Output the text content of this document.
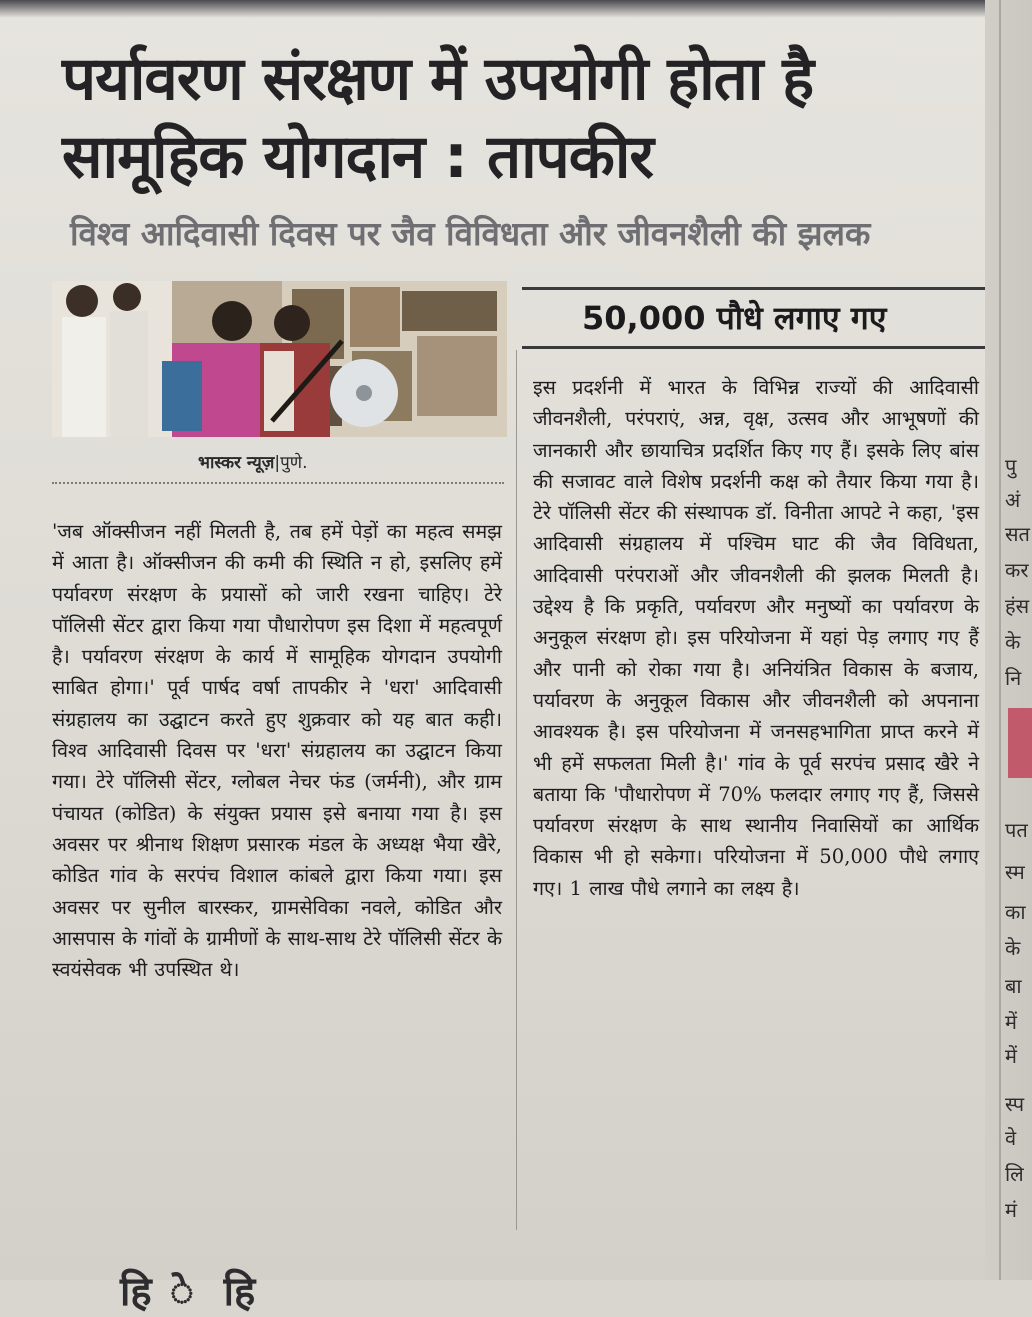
पर्यावरण संरक्षण में उपयोगी होता है सामूहिक योगदान : तापकीर

विश्व आदिवासी दिवस पर जैव विविधता और जीवनशैली की झलक

भास्कर न्यूज़|पुणे.

'जब ऑक्सीजन नहीं मिलती है, तब हमें पेड़ों का महत्व समझ में आता है। ऑक्सीजन की कमी की स्थिति न हो, इसलिए हमें पर्यावरण संरक्षण के प्रयासों को जारी रखना चाहिए। टेरे पॉलिसी सेंटर द्वारा किया गया पौधारोपण इस दिशा में महत्वपूर्ण है। पर्यावरण संरक्षण के कार्य में सामूहिक योगदान उपयोगी साबित होगा।' पूर्व पार्षद वर्षा तापकीर ने 'धरा' आदिवासी संग्रहालय का उद्घाटन करते हुए शुक्रवार को यह बात कही। विश्व आदिवासी दिवस पर 'धरा' संग्रहालय का उद्घाटन किया गया। टेरे पॉलिसी सेंटर, ग्लोबल नेचर फंड (जर्मनी), और ग्राम पंचायत (कोडित) के संयुक्त प्रयास इसे बनाया गया है। इस अवसर पर श्रीनाथ शिक्षण प्रसारक मंडल के अध्यक्ष भैया खैरे, कोडित गांव के सरपंच विशाल कांबले द्वारा किया गया। इस अवसर पर सुनील बारस्कर, ग्रामसेविका नवले, कोडित और आसपास के गांवों के ग्रामीणों के साथ-साथ टेरे पॉलिसी सेंटर के स्वयंसेवक भी उपस्थित थे।

50,000 पौधे लगाए गए

इस प्रदर्शनी में भारत के विभिन्न राज्यों की आदिवासी जीवनशैली, परंपराएं, अन्न, वृक्ष, उत्सव और आभूषणों की जानकारी और छायाचित्र प्रदर्शित किए गए हैं। इसके लिए बांस की सजावट वाले विशेष प्रदर्शनी कक्ष को तैयार किया गया है। टेरे पॉलिसी सेंटर की संस्थापक डॉ. विनीता आपटे ने कहा, 'इस आदिवासी संग्रहालय में पश्चिम घाट की जैव विविधता, आदिवासी परंपराओं और जीवनशैली की झलक मिलती है। उद्देश्य है कि प्रकृति, पर्यावरण और मनुष्यों का पर्यावरण के अनुकूल संरक्षण हो। इस परियोजना में यहां पेड़ लगाए गए हैं और पानी को रोका गया है। अनियंत्रित विकास के बजाय, पर्यावरण के अनुकूल विकास और जीवनशैली को अपनाना आवश्यक है। इस परियोजना में जनसहभागिता प्राप्त करने में भी हमें सफलता मिली है।' गांव के पूर्व सरपंच प्रसाद खैरे ने बताया कि 'पौधारोपण में 70% फलदार लगाए गए हैं, जिससे पर्यावरण संरक्षण के साथ स्थानीय निवासियों का आर्थिक विकास भी हो सकेगा। परियोजना में 50,000 पौधे लगाए गए। 1 लाख पौधे लगाने का लक्ष्य है।

पु
अं
सत
कर
हंस
के
नि
पत
स्म
का
के
बा
में
में
स्प
वे
लि
मं
हि े हि
